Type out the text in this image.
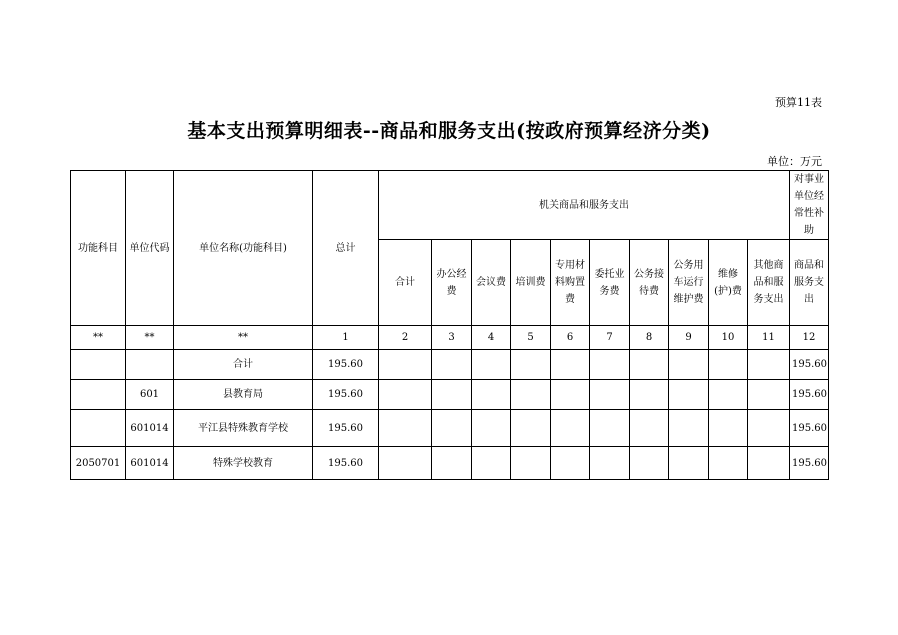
预算11表
基本支出预算明细表--商品和服务支出(按政府预算经济分类)
单位：万元
功能科目	单位代码	单位名称(功能科目)	总计	机关商品和服务支出										对事业单位经常性补助
				合计	办公经费	会议费	培训费	专用材料购置费	委托业务费	公务接待费	公务用车运行维护费	维修(护)费	其他商品和服务支出	商品和服务支出
**	**	**	1	2	3	4	5	6	7	8	9	10	11	12
		合计	195.60											195.60
	601	县教育局	195.60											195.60
	601014	平江县特殊教育学校	195.60											195.60
2050701	601014	特殊学校教育	195.60											195.60
